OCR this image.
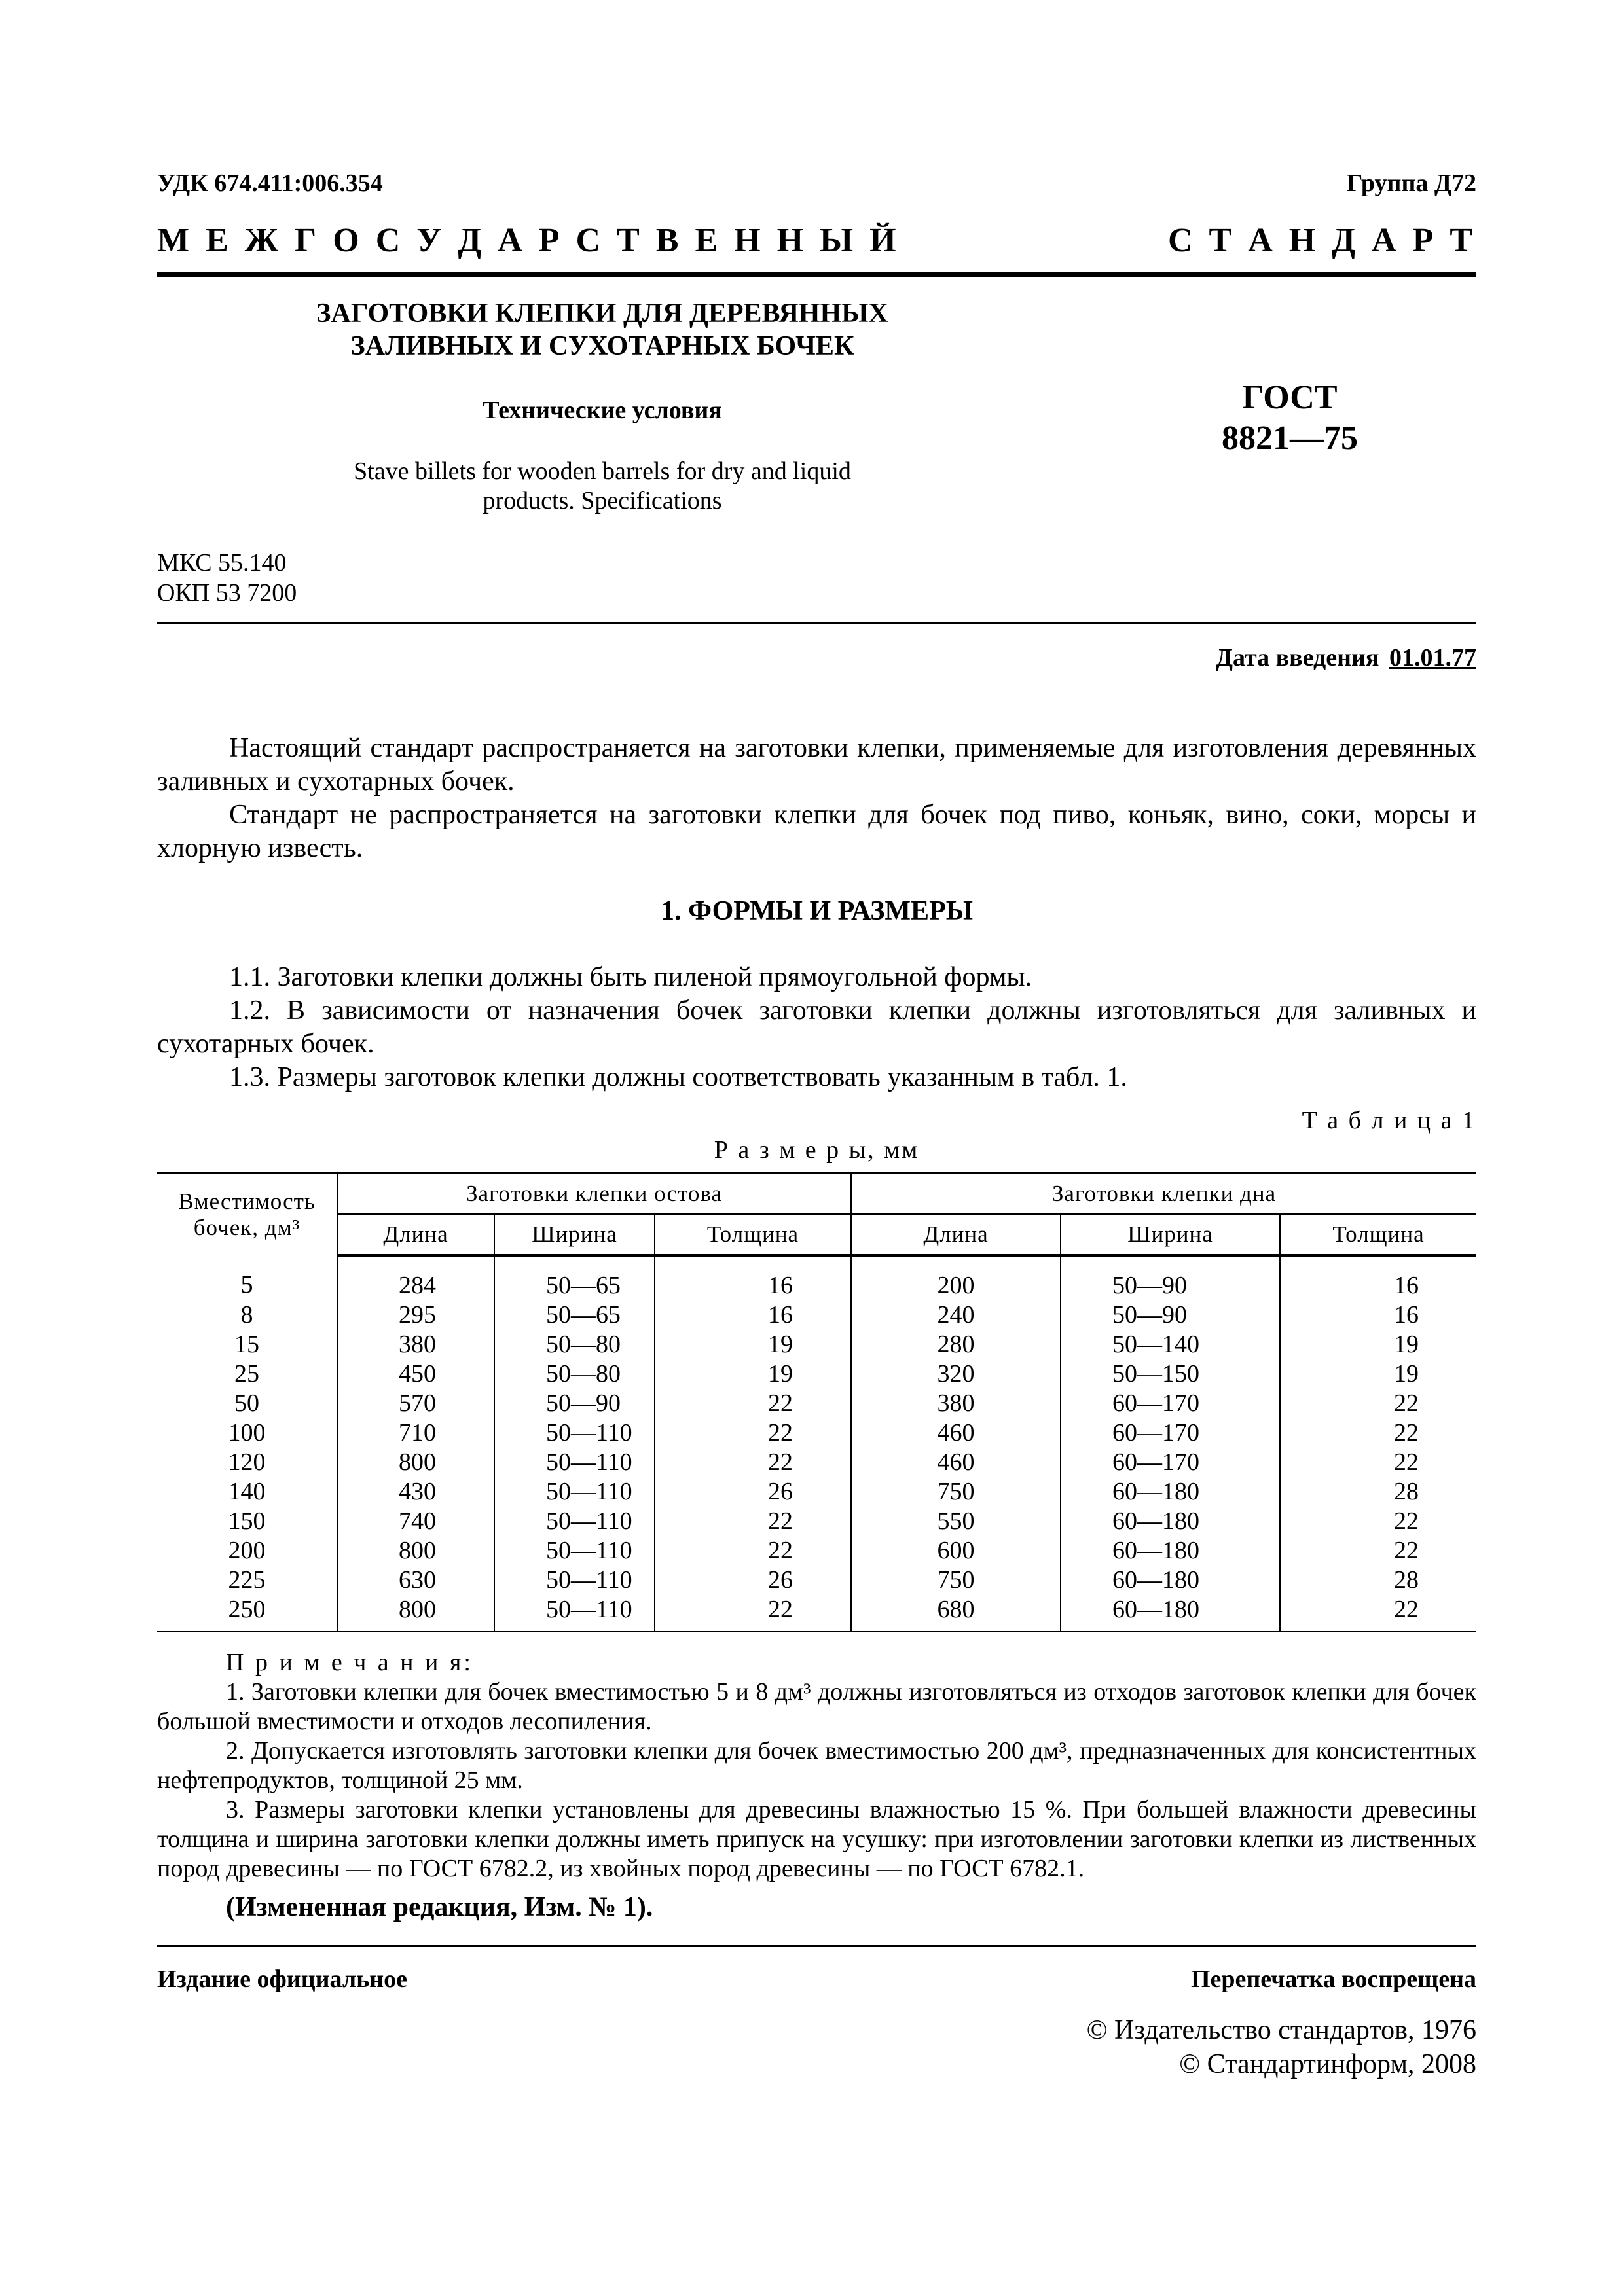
УДК 674.411:006.354	Группа Д72
М Е Ж Г О С У Д А Р С Т В Е Н Н Ы Й	С Т А Н Д А Р Т
ЗАГОТОВКИ КЛЕПКИ ДЛЯ ДЕРЕВЯННЫХ
ЗАЛИВНЫХ И СУХОТАРНЫХ БОЧЕК
Технические условия
Stave billets for wooden barrels for dry and liquid
products. Specifications
ГОСТ
8821—75
МКС 55.140
ОКП 53 7200
Дата введения 01.01.77

Настоящий стандарт распространяется на заготовки клепки, применяемые для изготовления деревянных заливных и сухотарных бочек.

Стандарт не распространяется на заготовки клепки для бочек под пиво, коньяк, вино, соки, морсы и хлорную известь.

1. ФОРМЫ И РАЗМЕРЫ

1.1. Заготовки клепки должны быть пиленой прямоугольной формы.

1.2. В зависимости от назначения бочек заготовки клепки должны изготовляться для заливных и сухотарных бочек.

1.3. Размеры заготовок клепки должны соответствовать указанным в табл. 1.

Т а б л и ц а 1
Р а з м е р ы, мм
Вместимость
бочек, дм³	Заготовки клепки остова			Заготовки клепки дна		
	Длина	Ширина	Толщина	Длина	Ширина	Толщина
5	284	50—65	16	200	50—90	16
8	295	50—65	16	240	50—90	16
15	380	50—80	19	280	50—140	19
25	450	50—80	19	320	50—150	19
50	570	50—90	22	380	60—170	22
100	710	50—110	22	460	60—170	22
120	800	50—110	22	460	60—170	22
140	430	50—110	26	750	60—180	28
150	740	50—110	22	550	60—180	22
200	800	50—110	22	600	60—180	22
225	630	50—110	26	750	60—180	28
250	800	50—110	22	680	60—180	22

П р и м е ч а н и я:

1. Заготовки клепки для бочек вместимостью 5 и 8 дм³ должны изготовляться из отходов заготовок клепки для бочек большой вместимости и отходов лесопиления.

2. Допускается изготовлять заготовки клепки для бочек вместимостью 200 дм³, предназначенных для консистентных нефтепродуктов, толщиной 25 мм.

3. Размеры заготовки клепки установлены для древесины влажностью 15 %. При большей влажности древесины толщина и ширина заготовки клепки должны иметь припуск на усушку: при изготовлении заготовки клепки из лиственных пород древесины — по ГОСТ 6782.2, из хвойных пород древесины — по ГОСТ 6782.1.

(Измененная редакция, Изм. № 1).
Издание официальное	Перепечатка воспрещена
© Издательство стандартов, 1976
© Стандартинформ, 2008
